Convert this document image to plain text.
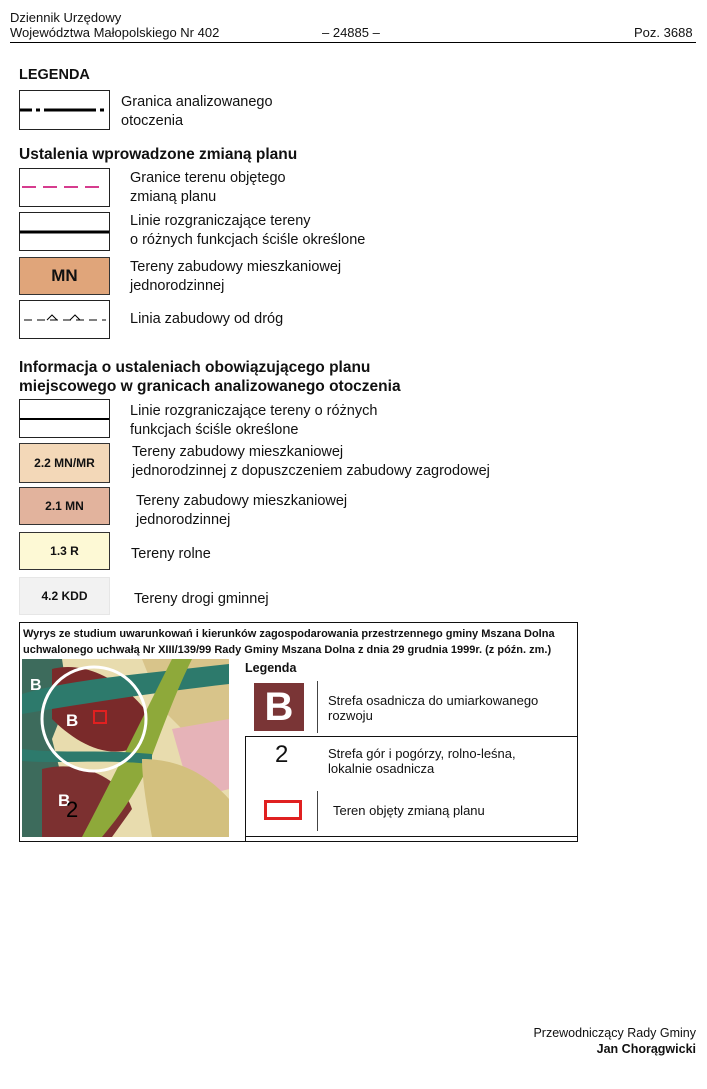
Dziennik Urzędowy
Województwa Małopolskiego Nr 402	– 24885 –	Poz. 3688
LEGENDA
Granica analizowanego
otoczenia
Ustalenia wprowadzone zmianą planu
Granice terenu objętego
zmianą planu
Linie rozgraniczające tereny
o różnych funkcjach ściśle określone
MN	Tereny zabudowy mieszkaniowej
jednorodzinnej
Linia zabudowy od dróg
Informacja o ustaleniach obowiązującego planu
miejscowego w granicach analizowanego otoczenia
Linie rozgraniczające tereny o różnych
funkcjach ściśle określone
2.2 MN/MR
Tereny zabudowy mieszkaniowej
jednorodzinnej z dopuszczeniem zabudowy zagrodowej
2.1 MN	Tereny zabudowy mieszkaniowej
jednorodzinnej
1.3 R	Tereny rolne
4.2 KDD	Tereny drogi gminnej
Wyrys ze studium uwarunkowań i kierunków zagospodarowania przestrzennego gminy Mszana Dolna
uchwalonego uchwałą Nr XIII/139/99 Rady Gminy Mszana Dolna z dnia 29 grudnia 1999r. (z późn. zm.)
B
B
B
2
Legenda
B	Strefa osadnicza do umiarkowanego
rozwoju
2	Strefa gór i pogórzy, rolno-leśna,
lokalnie osadnicza
Teren objęty zmianą planu
Przewodniczący Rady Gminy
Jan Chorągwicki
